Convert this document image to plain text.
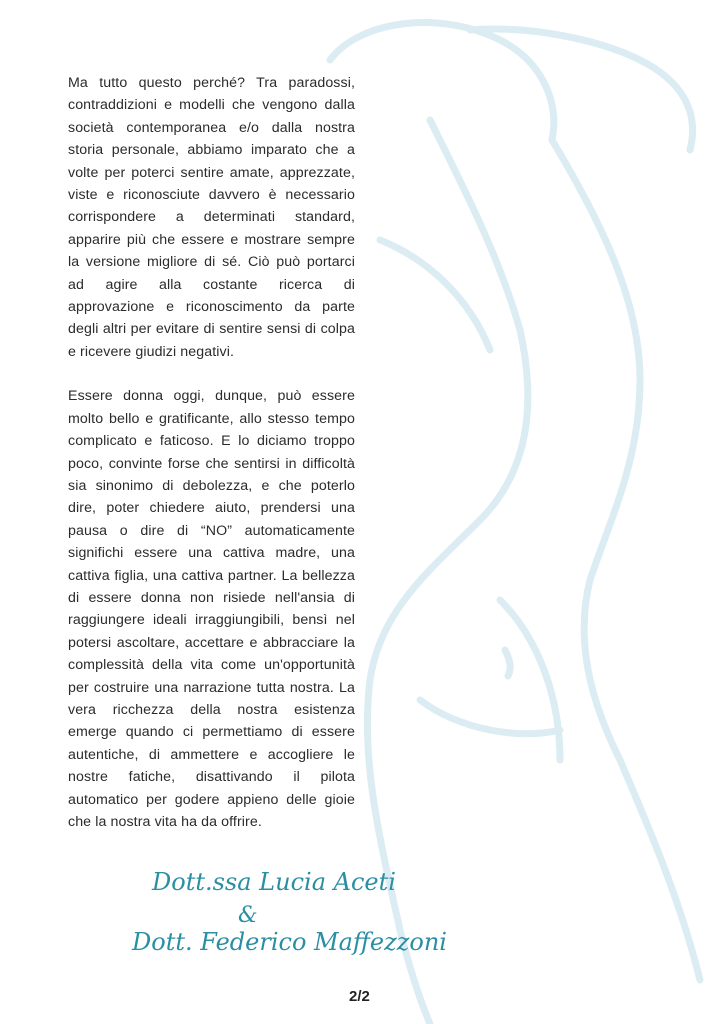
Ma tutto questo perché? Tra paradossi, contraddizioni e modelli che vengono dalla società contemporanea e/o dalla nostra storia personale, abbiamo imparato che a volte per poterci sentire amate, apprezzate, viste e riconosciute davvero è necessario corrispondere a determinati standard, apparire più che essere e mostrare sempre la versione migliore di sé. Ciò può portarci ad agire alla costante ricerca di approvazione e riconoscimento da parte degli altri per evitare di sentire sensi di colpa e ricevere giudizi negativi.

Essere donna oggi, dunque, può essere molto bello e gratificante, allo stesso tempo complicato e faticoso. E lo diciamo troppo poco, convinte forse che sentirsi in difficoltà sia sinonimo di debolezza, e che poterlo dire, poter chiedere aiuto, prendersi una pausa o dire di “NO” automaticamente significhi essere una cattiva madre, una cattiva figlia, una cattiva partner. La bellezza di essere donna non risiede nell'ansia di raggiungere ideali irraggiungibili, bensì nel potersi ascoltare, accettare e abbracciare la complessità della vita come un'opportunità per costruire una narrazione tutta nostra. La vera ricchezza della nostra esistenza emerge quando ci permettiamo di essere autentiche, di ammettere e accogliere le nostre fatiche, disattivando il pilota automatico per godere appieno delle gioie che la nostra vita ha da offrire.

Dott.ssa Lucia Aceti
&
Dott. Federico Maffezzoni
2/2
